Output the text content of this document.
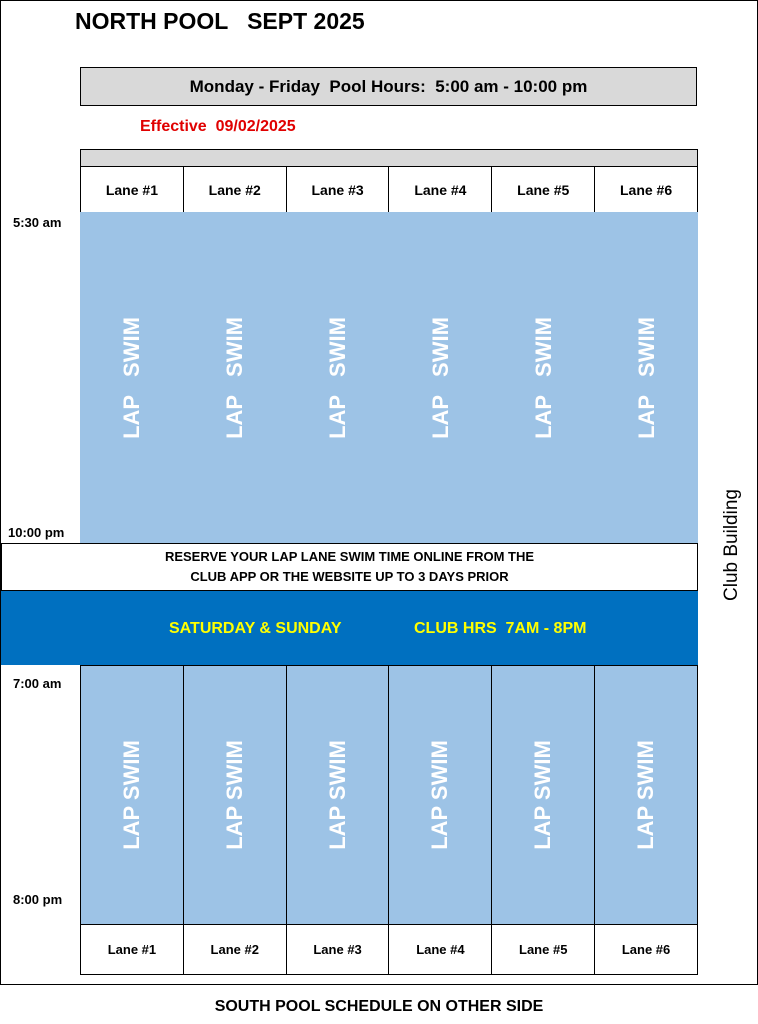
NORTH POOL   SEPT 2025
Monday - Friday  Pool Hours:  5:00 am - 10:00 pm
Effective  09/02/2025
Lane #1	Lane #2	Lane #3	Lane #4	Lane #5	Lane #6
5:30 am
10:00 pm
LAP   SWIM	LAP   SWIM	LAP   SWIM	LAP   SWIM	LAP   SWIM	LAP   SWIM
RESERVE YOUR LAP LANE SWIM TIME ONLINE FROM THE
CLUB APP OR THE WEBSITE UP TO 3 DAYS PRIOR
SATURDAY & SUNDAY	CLUB HRS  7AM - 8PM
7:00 am
8:00 pm
LAP SWIM	LAP SWIM	LAP SWIM	LAP SWIM	LAP SWIM	LAP SWIM
Lane #1	Lane #2	Lane #3	Lane #4	Lane #5	Lane #6
Club Building
SOUTH POOL SCHEDULE ON OTHER SIDE
